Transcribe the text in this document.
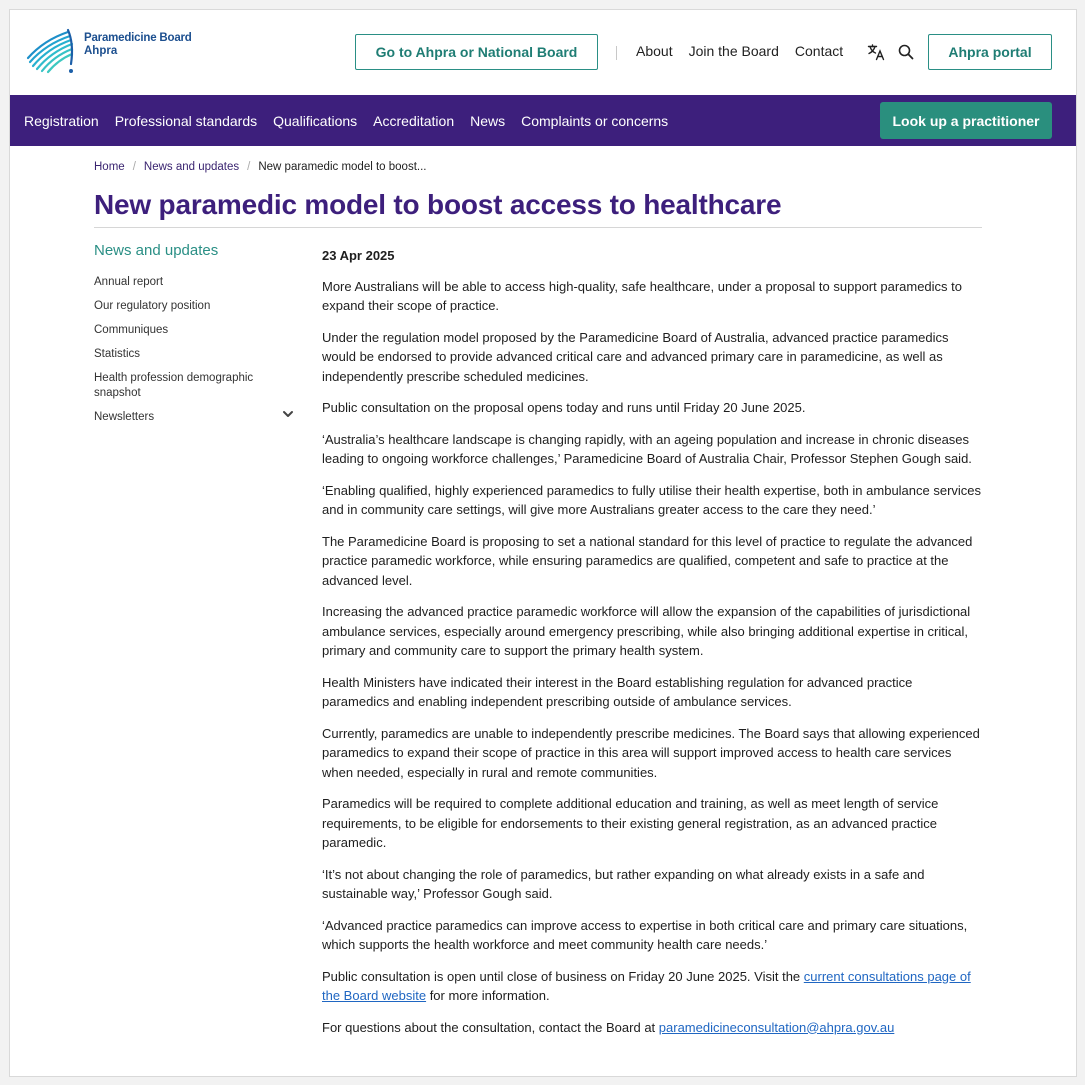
Paramedicine Board
Ahpra	Go to Ahpra or National Board	About Join the Board Contact	Ahpra portal
Registration Professional standards Qualifications Accreditation News Complaints or concerns	Look up a practitioner
Home / News and updates / New paramedic model to boost...
New paramedic model to boost access to healthcare
News and updates
Annual report
Our regulatory position
Communiques
Statistics
Health profession demographic snapshot
Newsletters
23 Apr 2025

More Australians will be able to access high-quality, safe healthcare, under a proposal to support paramedics to expand their scope of practice.

Under the regulation model proposed by the Paramedicine Board of Australia, advanced practice paramedics would be endorsed to provide advanced critical care and advanced primary care in paramedicine, as well as independently prescribe scheduled medicines.

Public consultation on the proposal opens today and runs until Friday 20 June 2025.

‘Australia’s healthcare landscape is changing rapidly, with an ageing population and increase in chronic diseases leading to ongoing workforce challenges,’ Paramedicine Board of Australia Chair, Professor Stephen Gough said.

‘Enabling qualified, highly experienced paramedics to fully utilise their health expertise, both in ambulance services and in community care settings, will give more Australians greater access to the care they need.’

The Paramedicine Board is proposing to set a national standard for this level of practice to regulate the advanced practice paramedic workforce, while ensuring paramedics are qualified, competent and safe to practice at the advanced level.

Increasing the advanced practice paramedic workforce will allow the expansion of the capabilities of jurisdictional ambulance services, especially around emergency prescribing, while also bringing additional expertise in critical, primary and community care to support the primary health system.

Health Ministers have indicated their interest in the Board establishing regulation for advanced practice paramedics and enabling independent prescribing outside of ambulance services.

Currently, paramedics are unable to independently prescribe medicines. The Board says that allowing experienced paramedics to expand their scope of practice in this area will support improved access to health care services when needed, especially in rural and remote communities.

Paramedics will be required to complete additional education and training, as well as meet length of service requirements, to be eligible for endorsements to their existing general registration, as an advanced practice paramedic.

‘It’s not about changing the role of paramedics, but rather expanding on what already exists in a safe and sustainable way,’ Professor Gough said.

‘Advanced practice paramedics can improve access to expertise in both critical care and primary care situations, which supports the health workforce and meet community health care needs.’

Public consultation is open until close of business on Friday 20 June 2025. Visit the current consultations page of the Board website for more information.

For questions about the consultation, contact the Board at paramedicineconsultation@ahpra.gov.au
